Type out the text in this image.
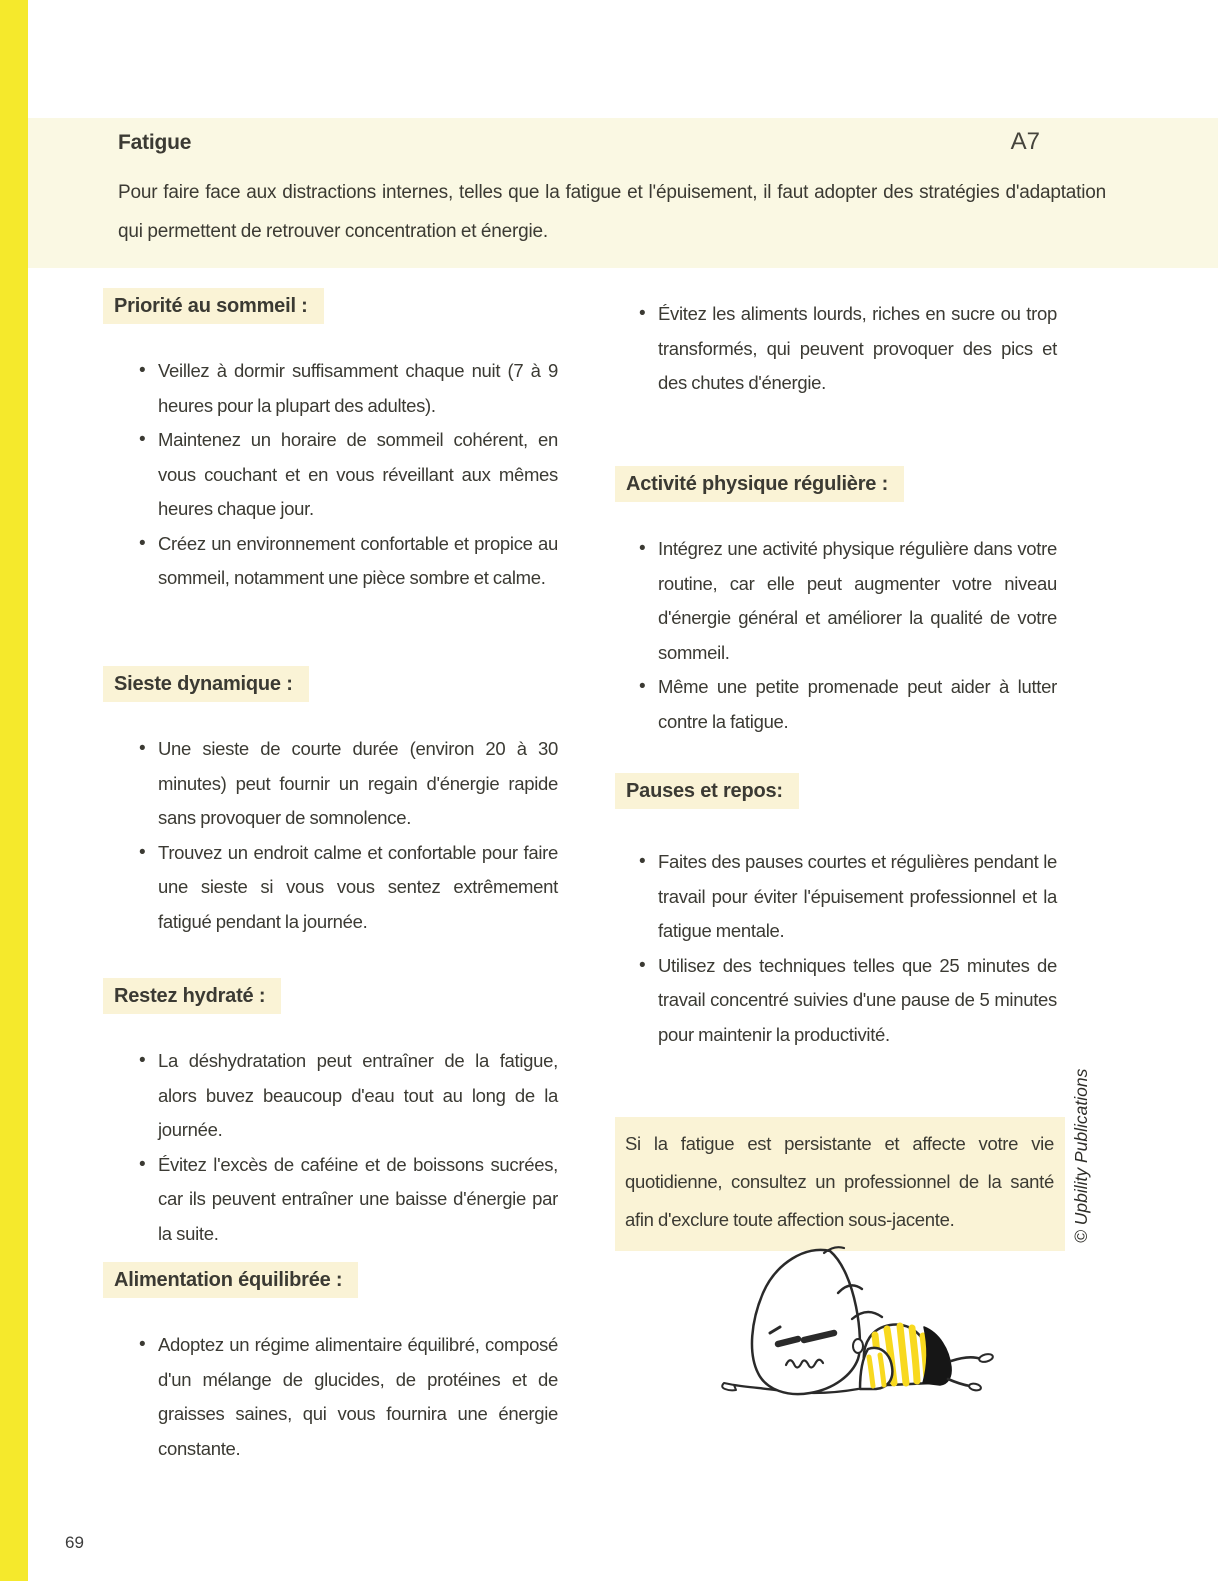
Fatigue	A7

Pour faire face aux distractions internes, telles que la fatigue et l'épuisement, il faut adopter des stratégies d'adaptation qui permettent de retrouver concentration et énergie.

Priorité au sommeil :
• Veillez à dormir suffisamment chaque nuit (7 à 9 heures pour la plupart des adultes).
• Maintenez un horaire de sommeil cohérent, en vous couchant et en vous réveillant aux mêmes heures chaque jour.
• Créez un environnement confortable et propice au sommeil, notamment une pièce sombre et calme.
Sieste dynamique :
• Une sieste de courte durée (environ 20 à 30 minutes) peut fournir un regain d'énergie rapide sans provoquer de somnolence.
• Trouvez un endroit calme et confortable pour faire une sieste si vous vous sentez extrêmement fatigué pendant la journée.
Restez hydraté :
• La déshydratation peut entraîner de la fatigue, alors buvez beaucoup d'eau tout au long de la journée.
• Évitez l'excès de caféine et de boissons sucrées, car ils peuvent entraîner une baisse d'énergie par la suite.
Alimentation équilibrée :
• Adoptez un régime alimentaire équilibré, composé d'un mélange de glucides, de protéines et de graisses saines, qui vous fournira une énergie constante.
• Évitez les aliments lourds, riches en sucre ou trop transformés, qui peuvent provoquer des pics et des chutes d'énergie.
Activité physique régulière :
• Intégrez une activité physique régulière dans votre routine, car elle peut augmenter votre niveau d'énergie général et améliorer la qualité de votre sommeil.
• Même une petite promenade peut aider à lutter contre la fatigue.
Pauses et repos:
• Faites des pauses courtes et régulières pendant le travail pour éviter l'épuisement professionnel et la fatigue mentale.
• Utilisez des techniques telles que 25 minutes de travail concentré suivies d'une pause de 5 minutes pour maintenir la productivité.
Si la fatigue est persistante et affecte votre vie quotidienne, consultez un professionnel de la santé afin d'exclure toute affection sous-jacente.	© Upbility Publications
69
